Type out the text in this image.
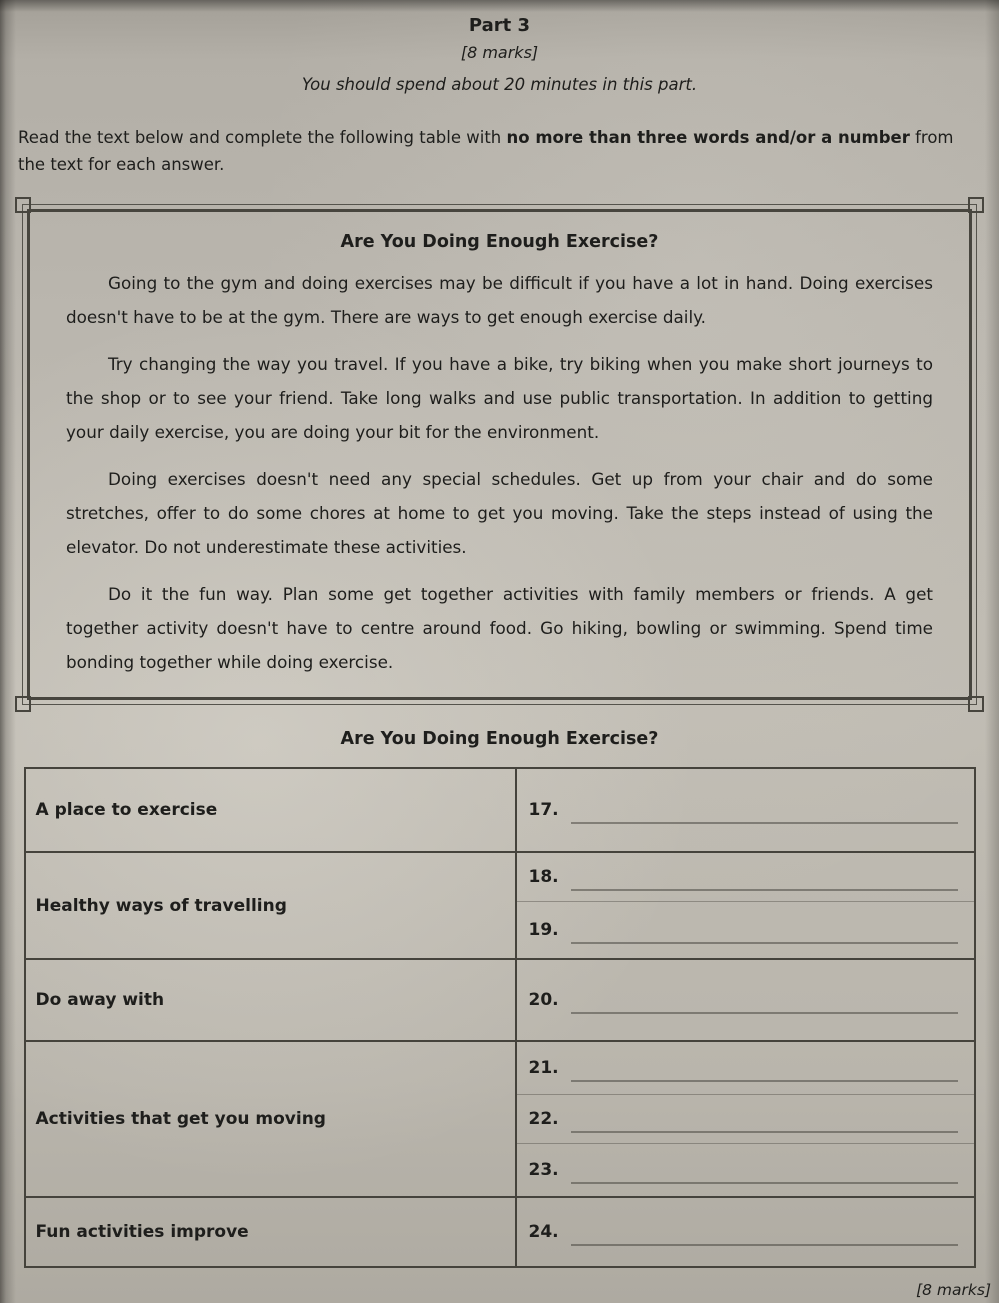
Part 3
[8 marks]
You should spend about 20 minutes in this part.

Read the text below and complete the following table with no more than three words and/or a number from the text for each answer.

Are You Doing Enough Exercise?

Going to the gym and doing exercises may be difficult if you have a lot in hand. Doing exercises doesn't have to be at the gym. There are ways to get enough exercise daily.

Try changing the way you travel. If you have a bike, try biking when you make short journeys to the shop or to see your friend. Take long walks and use public transportation. In addition to getting your daily exercise, you are doing your bit for the environment.

Doing exercises doesn't need any special schedules. Get up from your chair and do some stretches, offer to do some chores at home to get you moving. Take the steps instead of using the elevator. Do not underestimate these activities.

Do it the fun way. Plan some get together activities with family members or friends. A get together activity doesn't have to centre around food. Go hiking, bowling or swimming. Spend time bonding together while doing exercise.

Are You Doing Enough Exercise?
A place to exercise	17.

Healthy ways of travelling	18.

	19.

Do away with	20.

Activities that get you moving	21.

	22.

	23.

Fun activities improve	24.
[8 marks]
